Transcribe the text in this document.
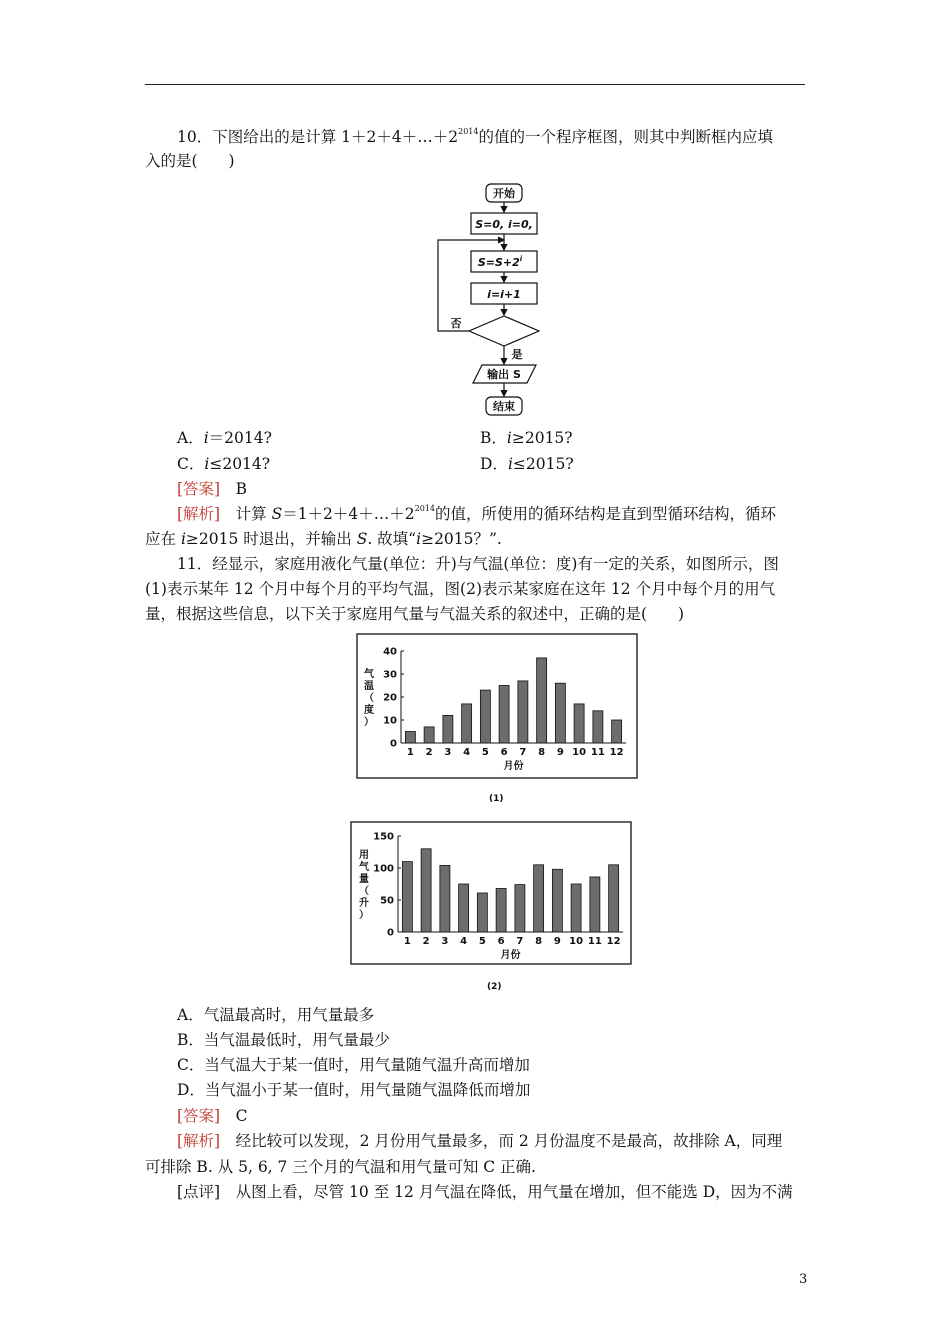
10．下图给出的是计算 $1+2+4+\dots+2^{2014}$的值的一个程序框图，则其中判断框内应填
入的是(　　)
开始
S=0, i=0,
$S=S+2^i$
i=i+1
否
是
输出 S
结束
A．i＝2014?	B．i≥2015?
C．i≤2014?	D．i≤2015?
[答案]　 B
[解析]　 计算 $S=1+2+4+\dots+2^{2014}$的值，所使用的循环结构是直到型循环结构，循环
应在 i≥2015 时退出，并输出 S. 故填“i≥2015？”.
11．经显示，家庭用液化气量(单位：升)与气温(单位：度)有一定的关系，如图所示，图
(1)表示某年 12 个月中每个月的平均气温，图(2)表示某家庭在这年 12 个月中每个月的用气
量，根据这些信息，以下关于家庭用气量与气温关系的叙述中，正确的是(　　)
0
10
20
30
40
1 2 3 4 5 6 7 8 9 10 11 12
月份
气温（度）
(1)
0
50
100
150
1 2 3 4 5 6 7 8 9 10 11 12
月份
用气量（升）
(2)
A．气温最高时，用气量最多
B．当气温最低时，用气量最少
C．当气温大于某一值时，用气量随气温升高而增加
D．当气温小于某一值时，用气量随气温降低而增加
[答案]　 C
[解析]　 经比较可以发现，2 月份用气量最多，而 2 月份温度不是最高，故排除 A，同理
可排除 B. 从 5, 6, 7 三个月的气温和用气量可知 C 正确.
[点评]　 从图上看，尽管 10 至 12 月气温在降低，用气量在增加，但不能选 D，因为不满
3
